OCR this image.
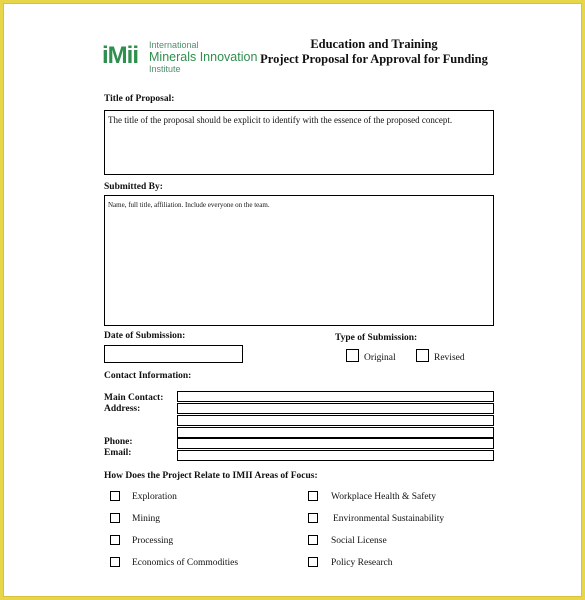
iMii International
Minerals Innovation
Institute
Education and Training
Project Proposal for Approval for Funding
Title of Proposal:
The title of the proposal should be explicit to identify with the essence of the proposed concept.
Submitted By:
Name, full title, affiliation. Include everyone on the team.
Date of Submission:	Type of Submission:
Original	Revised
Contact Information:
Main Contact:
Address:
Phone:
Email:
How Does the Project Relate to IMII Areas of Focus:
Exploration
Mining
Processing
Economics of Commodities
Workplace Health & Safety
Environmental Sustainability
Social License
Policy Research
